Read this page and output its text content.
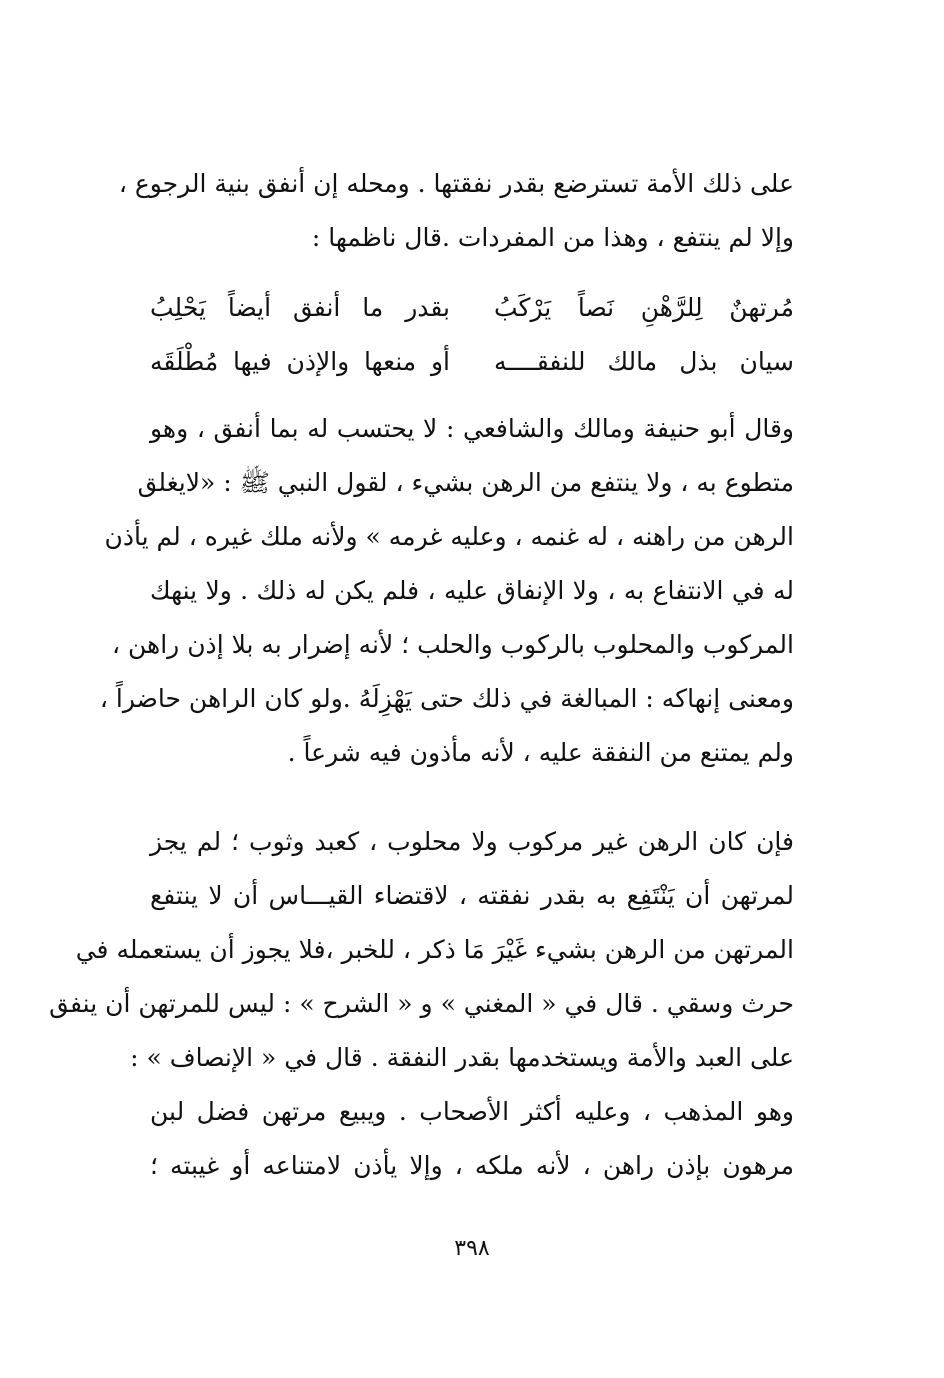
على ذلك الأمة تسترضع بقدر نفقتها . ومحله إن أنفق بنية الرجوع ،
وإلا لم ينتفع ، وهذا من المفردات .قال ناظمها :
مُرتهنٌ لِلرَّهْنِ نَصاً يَرْكَبُ
بقدر ما أنفق أيضاً يَحْلِبُ
سيان بذل مالك للنفقــــه
أو منعها والإذن فيها مُطْلَقَه
وقال أبو حنيفة ومالك والشافعي : لا يحتسب له بما أنفق ، وهو
متطوع به ، ولا ينتفع من الرهن بشيء ، لقول النبي ﷺ : «لايغلق
الرهن من راهنه ، له غنمه ، وعليه غرمه » ولأنه ملك غيره ، لم يأذن
له في الانتفاع به ، ولا الإنفاق عليه ، فلم يكن له ذلك . ولا ينهك
المركوب والمحلوب بالركوب والحلب ؛ لأنه إضرار به بلا إذن راهن ،
ومعنى إنهاكه : المبالغة في ذلك حتى يَهْزِلَهُ .ولو كان الراهن حاضراً ،
ولم يمتنع من النفقة عليه ، لأنه مأذون فيه شرعاً .
فإن كان الرهن غير مركوب ولا محلوب ، كعبد وثوب ؛ لم يجز
لمرتهن أن يَنْتَفِع به بقدر نفقته ، لاقتضاء القيـــاس أن لا ينتفع
المرتهن من الرهن بشيء غَيْرَ مَا ذكر ، للخبر ،فلا يجوز أن يستعمله في
حرث وسقي . قال في « المغني » و « الشرح » : ليس للمرتهن أن ينفق
على العبد والأمة ويستخدمها بقدر النفقة . قال في « الإنصاف » :
وهو المذهب ، وعليه أكثر الأصحاب . ويبيع مرتهن فضل لبن
مرهون بإذن راهن ، لأنه ملكه ، وإلا يأذن لامتناعه أو غيبته ؛
٣٩٨
